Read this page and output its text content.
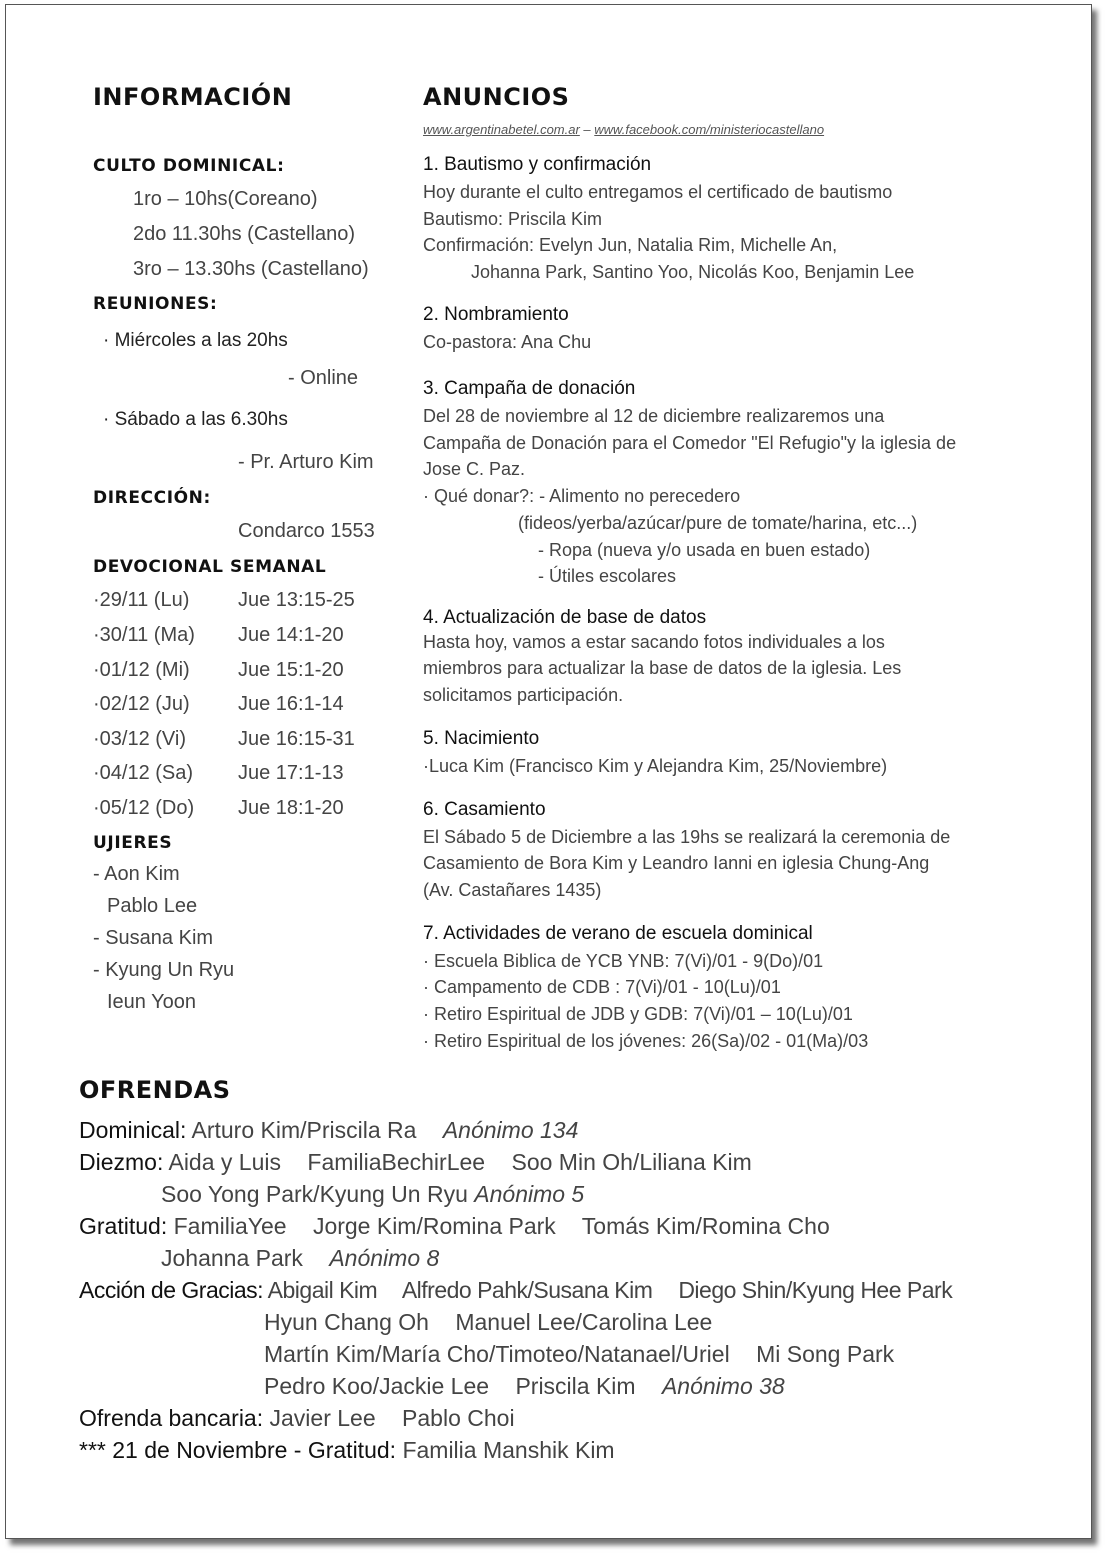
INFORMACIÓN
CULTO DOMINICAL:
1ro – 10hs(Coreano)
2do 11.30hs (Castellano)
3ro – 13.30hs (Castellano)
REUNIONES:
· Miércoles a las 20hs
- Online
· Sábado a las 6.30hs
- Pr. Arturo Kim
DIRECCIÓN:
Condarco 1553
DEVOCIONAL SEMANAL
·29/11 (Lu) Jue 13:15-25
·30/11 (Ma) Jue 14:1-20
·01/12 (Mi) Jue 15:1-20
·02/12 (Ju) Jue 16:1-14
·03/12 (Vi)	Jue 16:15-31
·04/12 (Sa) Jue 17:1-13
·05/12 (Do) Jue 18:1-20
UJIERES
- Aon Kim
Pablo Lee
- Susana Kim
- Kyung Un Ryu
Ieun Yoon
ANUNCIOS
www.argentinabetel.com.ar – www.facebook.com/ministeriocastellano
1. Bautismo y confirmación
Hoy durante el culto entregamos el certificado de bautismo
Bautismo: Priscila Kim
Confirmación: Evelyn Jun, Natalia Rim, Michelle An,
Johanna Park, Santino Yoo, Nicolás Koo, Benjamin Lee
2. Nombramiento
Co-pastora: Ana Chu
3. Campaña de donación
Del 28 de noviembre al 12 de diciembre realizaremos una
Campaña de Donación para el Comedor "El Refugio"y la iglesia de
Jose C. Paz.
· Qué donar?: - Alimento no perecedero
(fideos/yerba/azúcar/pure de tomate/harina, etc...)
- Ropa (nueva y/o usada en buen estado)
- Útiles escolares
4. Actualización de base de datos
Hasta hoy, vamos a estar sacando fotos individuales a los
miembros para actualizar la base de datos de la iglesia. Les
solicitamos participación.
5. Nacimiento
·Luca Kim (Francisco Kim y Alejandra Kim, 25/Noviembre)
6. Casamiento
El Sábado 5 de Diciembre a las 19hs se realizará la ceremonia de
Casamiento de Bora Kim y Leandro Ianni en iglesia Chung-Ang
(Av. Castañares 1435)
7. Actividades de verano de escuela dominical
· Escuela Biblica de YCB YNB: 7(Vi)/01 - 9(Do)/01
· Campamento de CDB : 7(Vi)/01 - 10(Lu)/01
· Retiro Espiritual de JDB y GDB: 7(Vi)/01 – 10(Lu)/01
· Retiro Espiritual de los jóvenes: 26(Sa)/02 - 01(Ma)/03
OFRENDAS
Dominical: Arturo Kim/Priscila Ra Anónimo 134
Diezmo: Aida y Luis FamiliaBechirLee Soo Min Oh/Liliana Kim
Soo Yong Park/Kyung Un Ryu Anónimo 5
Gratitud: FamiliaYee Jorge Kim/Romina Park Tomás Kim/Romina Cho
Johanna Park Anónimo 8
Acción de Gracias: Abigail Kim Alfredo Pahk/Susana Kim Diego Shin/Kyung Hee Park
Hyun Chang Oh Manuel Lee/Carolina Lee
Martín Kim/María Cho/Timoteo/Natanael/Uriel Mi Song Park
Pedro Koo/Jackie Lee Priscila Kim Anónimo 38
Ofrenda bancaria: Javier Lee Pablo Choi
*** 21 de Noviembre - Gratitud: Familia Manshik Kim
